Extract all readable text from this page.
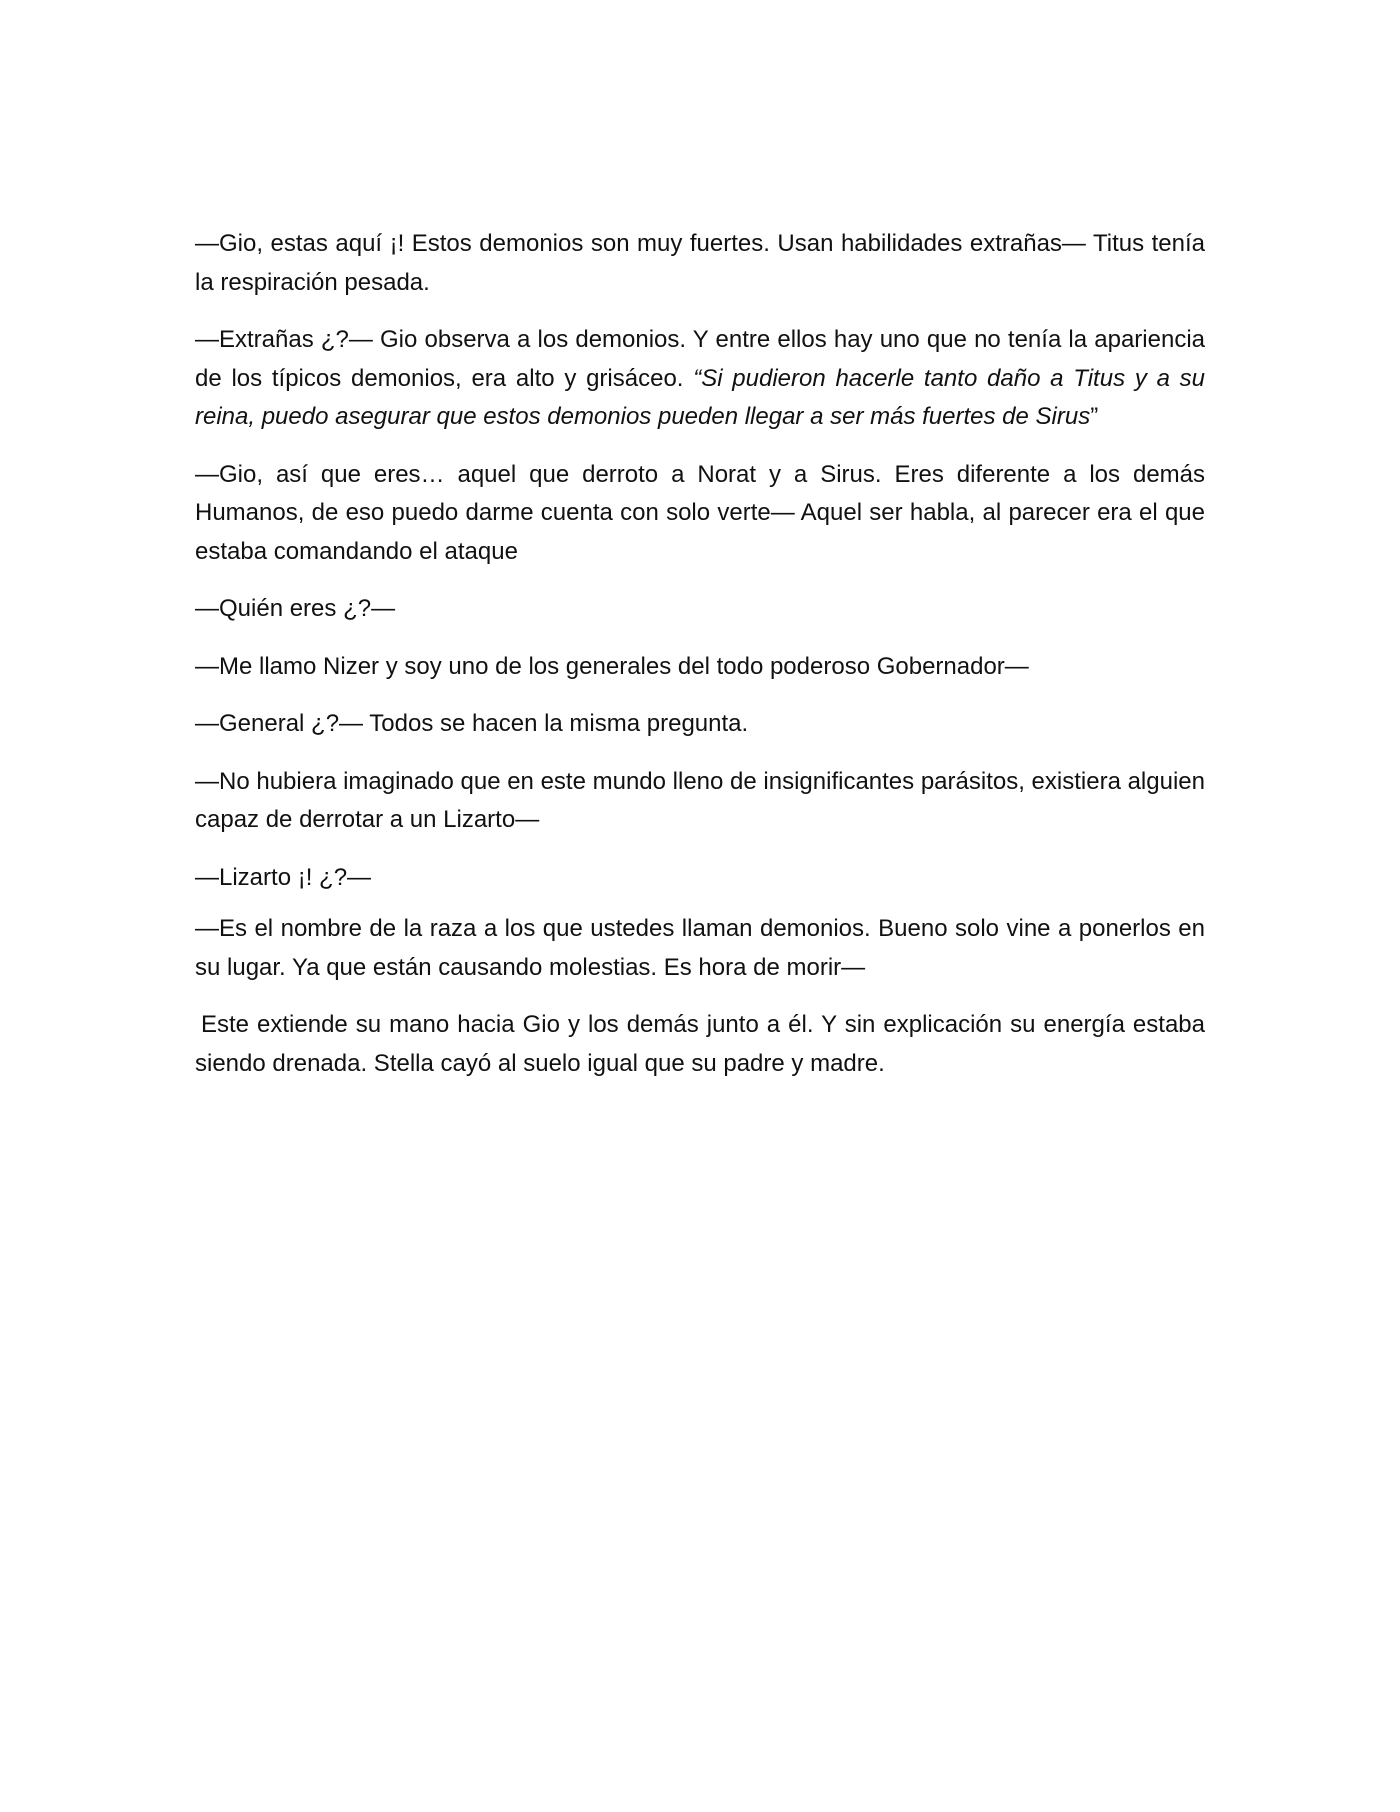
—Gio, estas aquí ¡! Estos demonios son muy fuertes. Usan habilidades extrañas— Titus tenía la respiración pesada.

—Extrañas ¿?— Gio observa a los demonios. Y entre ellos hay uno que no tenía la apariencia de los típicos demonios, era alto y grisáceo. “Si pudieron hacerle tanto daño a Titus y a su reina, puedo asegurar que estos demonios pueden llegar a ser más fuertes de Sirus”

—Gio, así que eres… aquel que derroto a Norat y a Sirus. Eres diferente a los demás Humanos, de eso puedo darme cuenta con solo verte— Aquel ser habla, al parecer era el que estaba comandando el ataque

—Quién eres ¿?—

—Me llamo Nizer y soy uno de los generales del todo poderoso Gobernador—

—General ¿?— Todos se hacen la misma pregunta.

—No hubiera imaginado que en este mundo lleno de insignificantes parásitos, existiera alguien capaz de derrotar a un Lizarto—

—Lizarto ¡! ¿?—

—Es el nombre de la raza a los que ustedes llaman demonios. Bueno solo vine a ponerlos en su lugar. Ya que están causando molestias. Es hora de morir—

Este extiende su mano hacia Gio y los demás junto a él. Y sin explicación su energía estaba siendo drenada. Stella cayó al suelo igual que su padre y madre.
